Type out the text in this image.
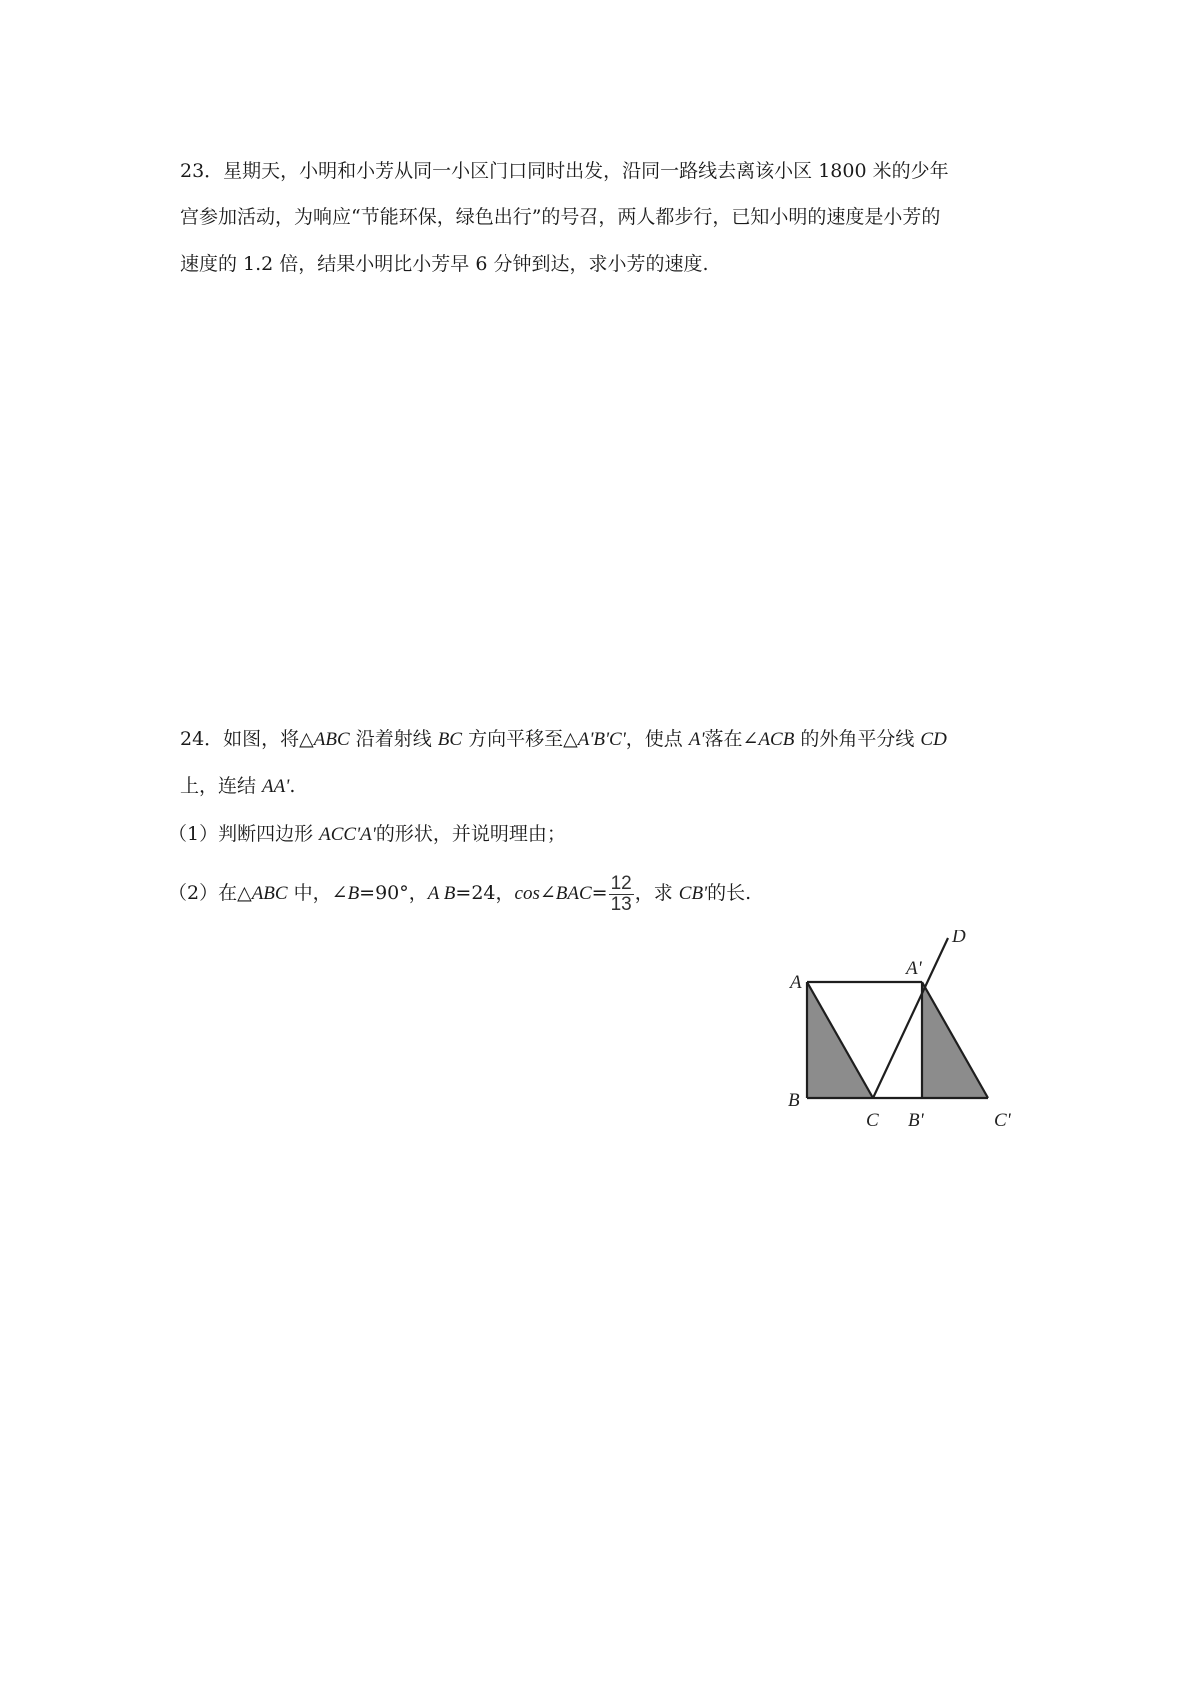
23．星期天，小明和小芳从同一小区门口同时出发，沿同一路线去离该小区 1800 米的少年
宫参加活动，为响应“节能环保，绿色出行”的号召，两人都步行，已知小明的速度是小芳的
速度的 1.2 倍，结果小明比小芳早 6 分钟到达，求小芳的速度.
24．如图，将△ABC 沿着射线 BC 方向平移至△A'B'C'，使点 A'落在∠ACB 的外角平分线 CD
上，连结 AA'.
（1）判断四边形 ACC'A'的形状，并说明理由；
（2）在△ABC 中，∠B=90°，A B=24，cos∠BAC= $\frac{12}{13}$ ，求 CB'的长.
A
B
C
A'
B'	C'
D
